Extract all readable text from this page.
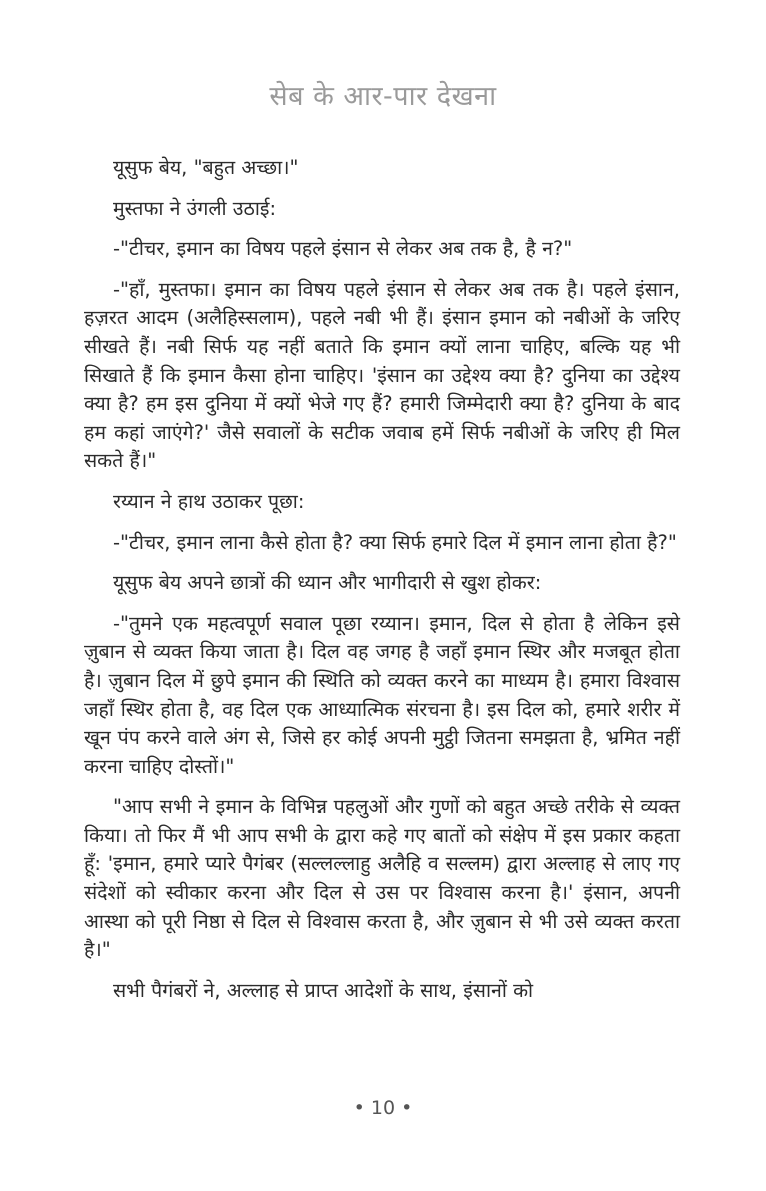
सेब के आर-पार देखना

यूसुफ बेय, "बहुत अच्छा।"

मुस्तफा ने उंगली उठाई:

-"टीचर, इमान का विषय पहले इंसान से लेकर अब तक है, है न?"

-"हाँ, मुस्तफा। इमान का विषय पहले इंसान से लेकर अब तक है। पहले इंसान, हज़रत आदम (अलैहिस्सलाम), पहले नबी भी हैं। इंसान इमान को नबीओं के जरिए सीखते हैं। नबी सिर्फ यह नहीं बताते कि इमान क्यों लाना चाहिए, बल्कि यह भी सिखाते हैं कि इमान कैसा होना चाहिए। 'इंसान का उद्देश्य क्या है? दुनिया का उद्देश्य क्या है? हम इस दुनिया में क्यों भेजे गए हैं? हमारी जिम्मेदारी क्या है? दुनिया के बाद हम कहां जाएंगे?' जैसे सवालों के सटीक जवाब हमें सिर्फ नबीओं के जरिए ही मिल सकते हैं।"

रय्यान ने हाथ उठाकर पूछा:

-"टीचर, इमान लाना कैसे होता है? क्या सिर्फ हमारे दिल में इमान लाना होता है?"

यूसुफ बेय अपने छात्रों की ध्यान और भागीदारी से खुश होकर:

-"तुमने एक महत्वपूर्ण सवाल पूछा रय्यान। इमान, दिल से होता है लेकिन इसे ज़ुबान से व्यक्त किया जाता है। दिल वह जगह है जहाँ इमान स्थिर और मजबूत होता है। ज़ुबान दिल में छुपे इमान की स्थिति को व्यक्त करने का माध्यम है। हमारा विश्वास जहाँ स्थिर होता है, वह दिल एक आध्यात्मिक संरचना है। इस दिल को, हमारे शरीर में खून पंप करने वाले अंग से, जिसे हर कोई अपनी मुट्ठी जितना समझता है, भ्रमित नहीं करना चाहिए दोस्तों।"

"आप सभी ने इमान के विभिन्न पहलुओं और गुणों को बहुत अच्छे तरीके से व्यक्त किया। तो फिर मैं भी आप सभी के द्वारा कहे गए बातों को संक्षेप में इस प्रकार कहता हूँ: 'इमान, हमारे प्यारे पैगंबर (सल्लल्लाहु अलैहि व सल्लम) द्वारा अल्लाह से लाए गए संदेशों को स्वीकार करना और दिल से उस पर विश्वास करना है।' इंसान, अपनी आस्था को पूरी निष्ठा से दिल से विश्वास करता है, और ज़ुबान से भी उसे व्यक्त करता है।"

सभी पैगंबरों ने, अल्लाह से प्राप्त आदेशों के साथ, इंसानों को

• 10 •
